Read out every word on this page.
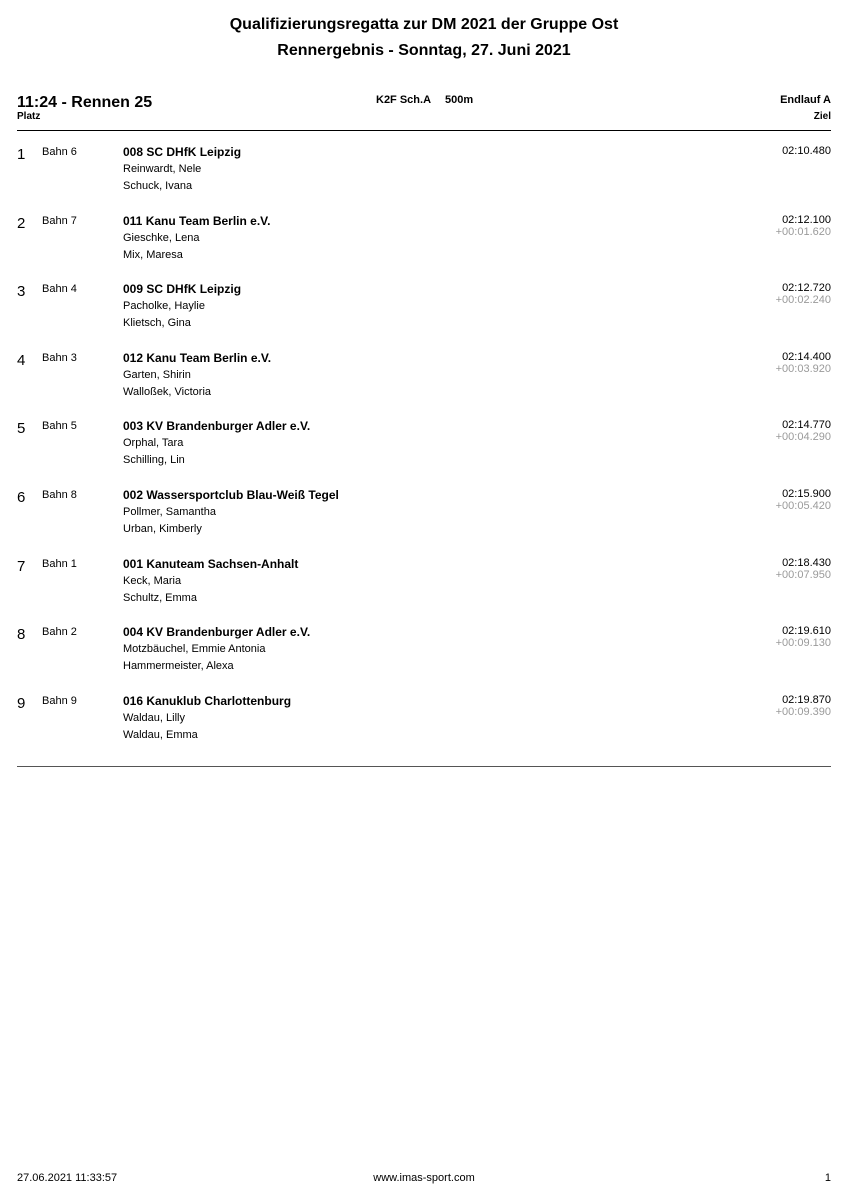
Qualifizierungsregatta zur DM 2021 der Gruppe Ost
Rennergebnis - Sonntag, 27. Juni 2021
11:24 - Rennen 25
Platz
K2F Sch.A 500m	Endlauf A
Ziel
1 Bahn 6	008 SC DHfK Leipzig
Reinwardt, Nele
Schuck, Ivana
02:10.480
2 Bahn 7	011 Kanu Team Berlin e.V.
Gieschke, Lena
Mix, Maresa
02:12.100
+00:01.620
3 Bahn 4	009 SC DHfK Leipzig
Pacholke, Haylie
Klietsch, Gina
02:12.720
+00:02.240
4 Bahn 3	012 Kanu Team Berlin e.V.
Garten, Shirin
Walloßek, Victoria
02:14.400
+00:03.920
5 Bahn 5	003 KV Brandenburger Adler e.V.
Orphal, Tara
Schilling, Lin
02:14.770
+00:04.290
6 Bahn 8	002 Wassersportclub Blau-Weiß Tegel
Pollmer, Samantha
Urban, Kimberly
02:15.900
+00:05.420
7 Bahn 1	001 Kanuteam Sachsen-Anhalt
Keck, Maria
Schultz, Emma
02:18.430
+00:07.950
8 Bahn 2	004 KV Brandenburger Adler e.V.
Motzbäuchel, Emmie Antonia
Hammermeister, Alexa
02:19.610
+00:09.130
9 Bahn 9	016 Kanuklub Charlottenburg
Waldau, Lilly
Waldau, Emma
02:19.870
+00:09.390
27.06.2021 11:33:57	www.imas-sport.com	1
